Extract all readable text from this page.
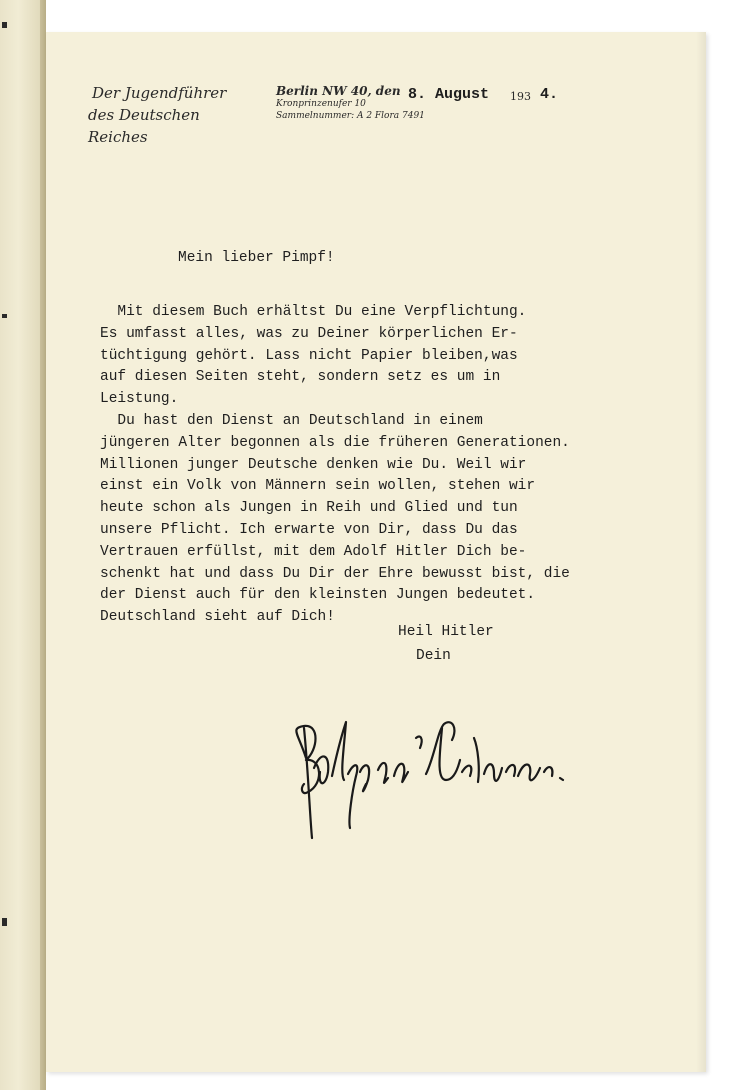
Der Jugendführer
des Deutschen Reiches
Berlin NW 40, den
Kronprinzenufer 10
Sammelnummer: A 2 Flora 7491
8. August 193 4.
Mein lieber Pimpf!
Mit diesem Buch erhältst Du eine Verpflichtung.
Es umfasst alles, was zu Deiner körperlichen Er-
tüchtigung gehört. Lass nicht Papier bleiben,was
auf diesen Seiten steht, sondern setz es um in
Leistung.
Du hast den Dienst an Deutschland in einem
jüngeren Alter begonnen als die früheren Generationen.
Millionen junger Deutsche denken wie Du. Weil wir
einst ein Volk von Männern sein wollen, stehen wir
heute schon als Jungen in Reih und Glied und tun
unsere Pflicht. Ich erwarte von Dir, dass Du das
Vertrauen erfüllst, mit dem Adolf Hitler Dich be-
schenkt hat und dass Du Dir der Ehre bewusst bist, die
der Dienst auch für den kleinsten Jungen bedeutet.
Deutschland sieht auf Dich!
Heil Hitler
Dein
